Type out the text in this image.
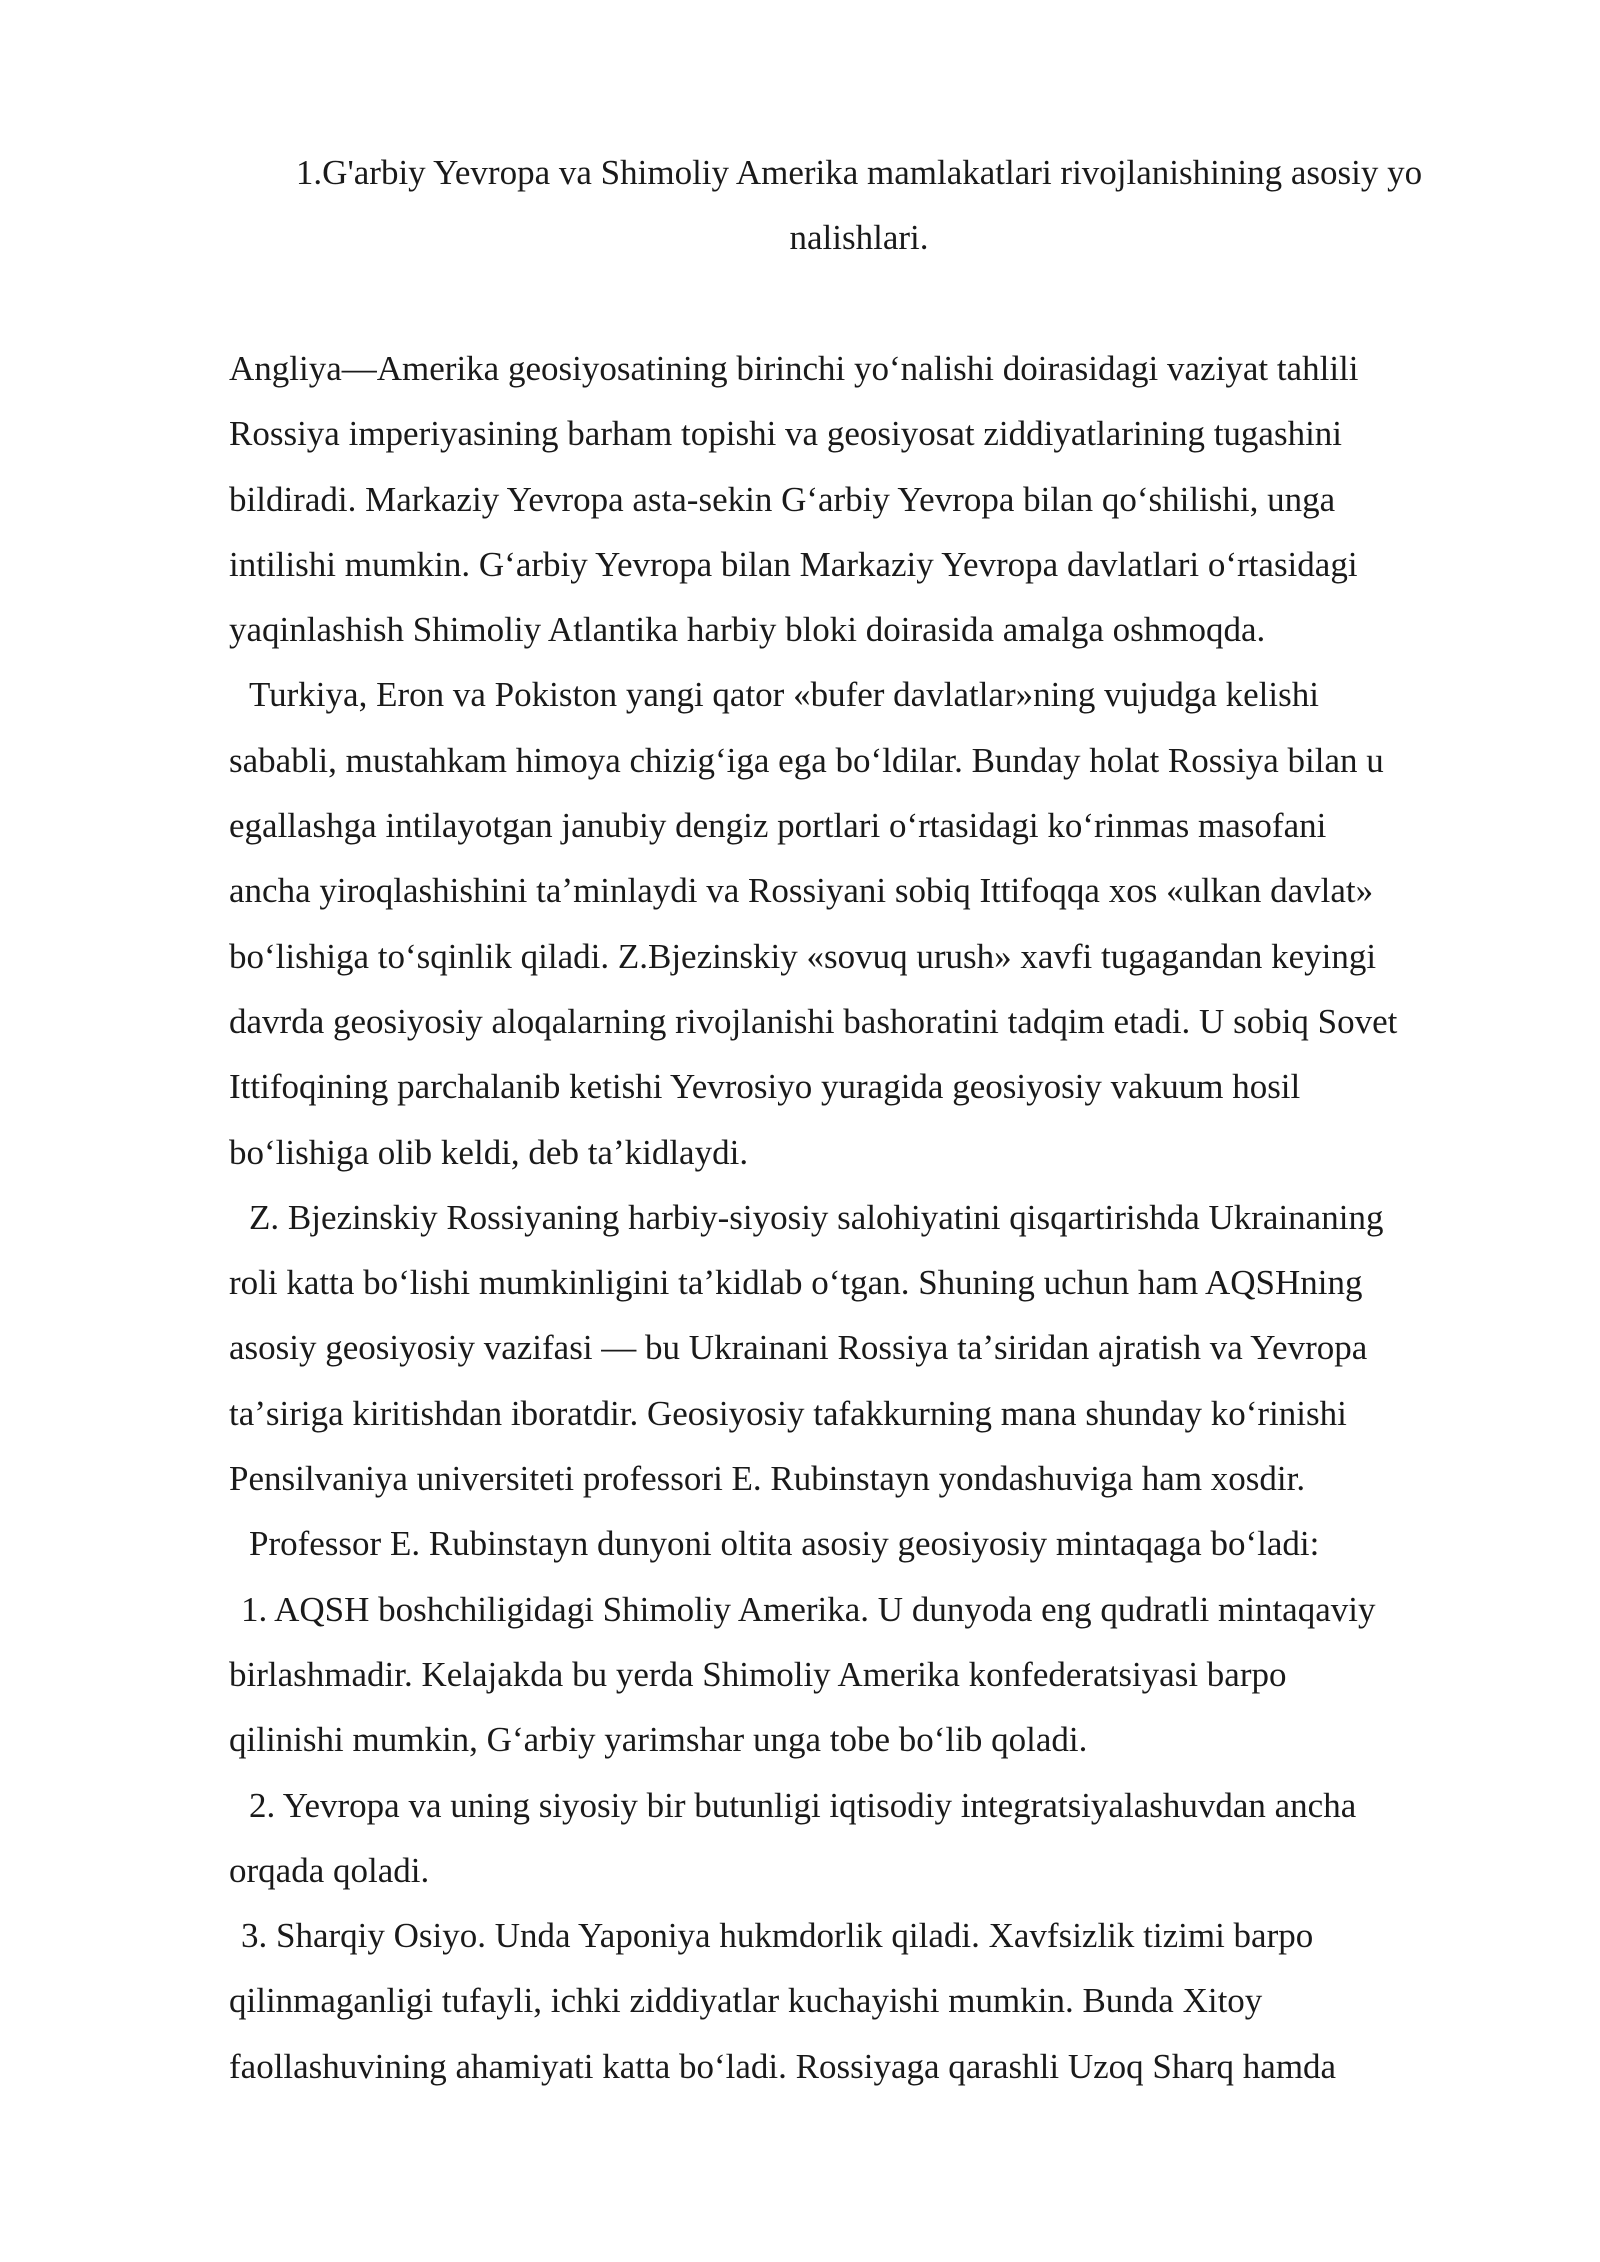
1.G'arbiy Yevropa va Shimoliy Amerika mamlakatlari rivojlanishining asosiy yo
nalishlari.
Angliya—Amerika geosiyosatining birinchi yoʻnalishi doirasidagi vaziyat tahlili
Rossiya imperiyasining barham topishi va geosiyosat ziddiyatlarining tugashini
bildiradi. Markaziy Yevropa asta-sekin Gʻarbiy Yevropa bilan qoʻshilishi, unga
intilishi mumkin. Gʻarbiy Yevropa bilan Markaziy Yevropa davlatlari oʻrtasidagi
yaqinlashish Shimoliy Atlantika harbiy bloki doirasida amalga oshmoqda.
Turkiya, Eron va Pokiston yangi qator «bufer davlatlar»ning vujudga kelishi
sababli, mustahkam himoya chizigʻiga ega boʻldilar. Bunday holat Rossiya bilan u
egallashga intilayotgan janubiy dengiz portlari oʻrtasidagi koʻrinmas masofani
ancha yiroqlashishini taʼminlaydi va Rossiyani sobiq Ittifoqqa xos «ulkan davlat»
boʻlishiga toʻsqinlik qiladi. Z.Bjezinskiy «sovuq urush» xavfi tugagandan keyingi
davrda geosiyosiy aloqalarning rivojlanishi bashoratini tadqim etadi. U sobiq Sovet
Ittifoqining parchalanib ketishi Yevrosiyo yuragida geosiyosiy vakuum hosil
boʻlishiga olib keldi, deb taʼkidlaydi.
Z. Bjezinskiy Rossiyaning harbiy-siyosiy salohiyatini qisqartirishda Ukrainaning
roli katta boʻlishi mumkinligini taʼkidlab oʻtgan. Shuning uchun ham AQSHning
asosiy geosiyosiy vazifasi — bu Ukrainani Rossiya taʼsiridan ajratish va Yevropa
taʼsiriga kiritishdan iboratdir. Geosiyosiy tafakkurning mana shunday koʻrinishi
Pensilvaniya universiteti professori E. Rubinstayn yondashuviga ham xosdir.
Professor E. Rubinstayn dunyoni oltita asosiy geosiyosiy mintaqaga boʻladi:
1. AQSH boshchiligidagi Shimoliy Amerika. U dunyoda eng qudratli mintaqaviy
birlashmadir. Kelajakda bu yerda Shimoliy Amerika konfederatsiyasi barpo
qilinishi mumkin, Gʻarbiy yarimshar unga tobe boʻlib qoladi.
2. Yevropa va uning siyosiy bir butunligi iqtisodiy integratsiyalashuvdan ancha
orqada qoladi.
3. Sharqiy Osiyo. Unda Yaponiya hukmdorlik qiladi. Xavfsizlik tizimi barpo
qilinmaganligi tufayli, ichki ziddiyatlar kuchayishi mumkin. Bunda Xitoy
faollashuvining ahamiyati katta boʻladi. Rossiyaga qarashli Uzoq Sharq hamda
